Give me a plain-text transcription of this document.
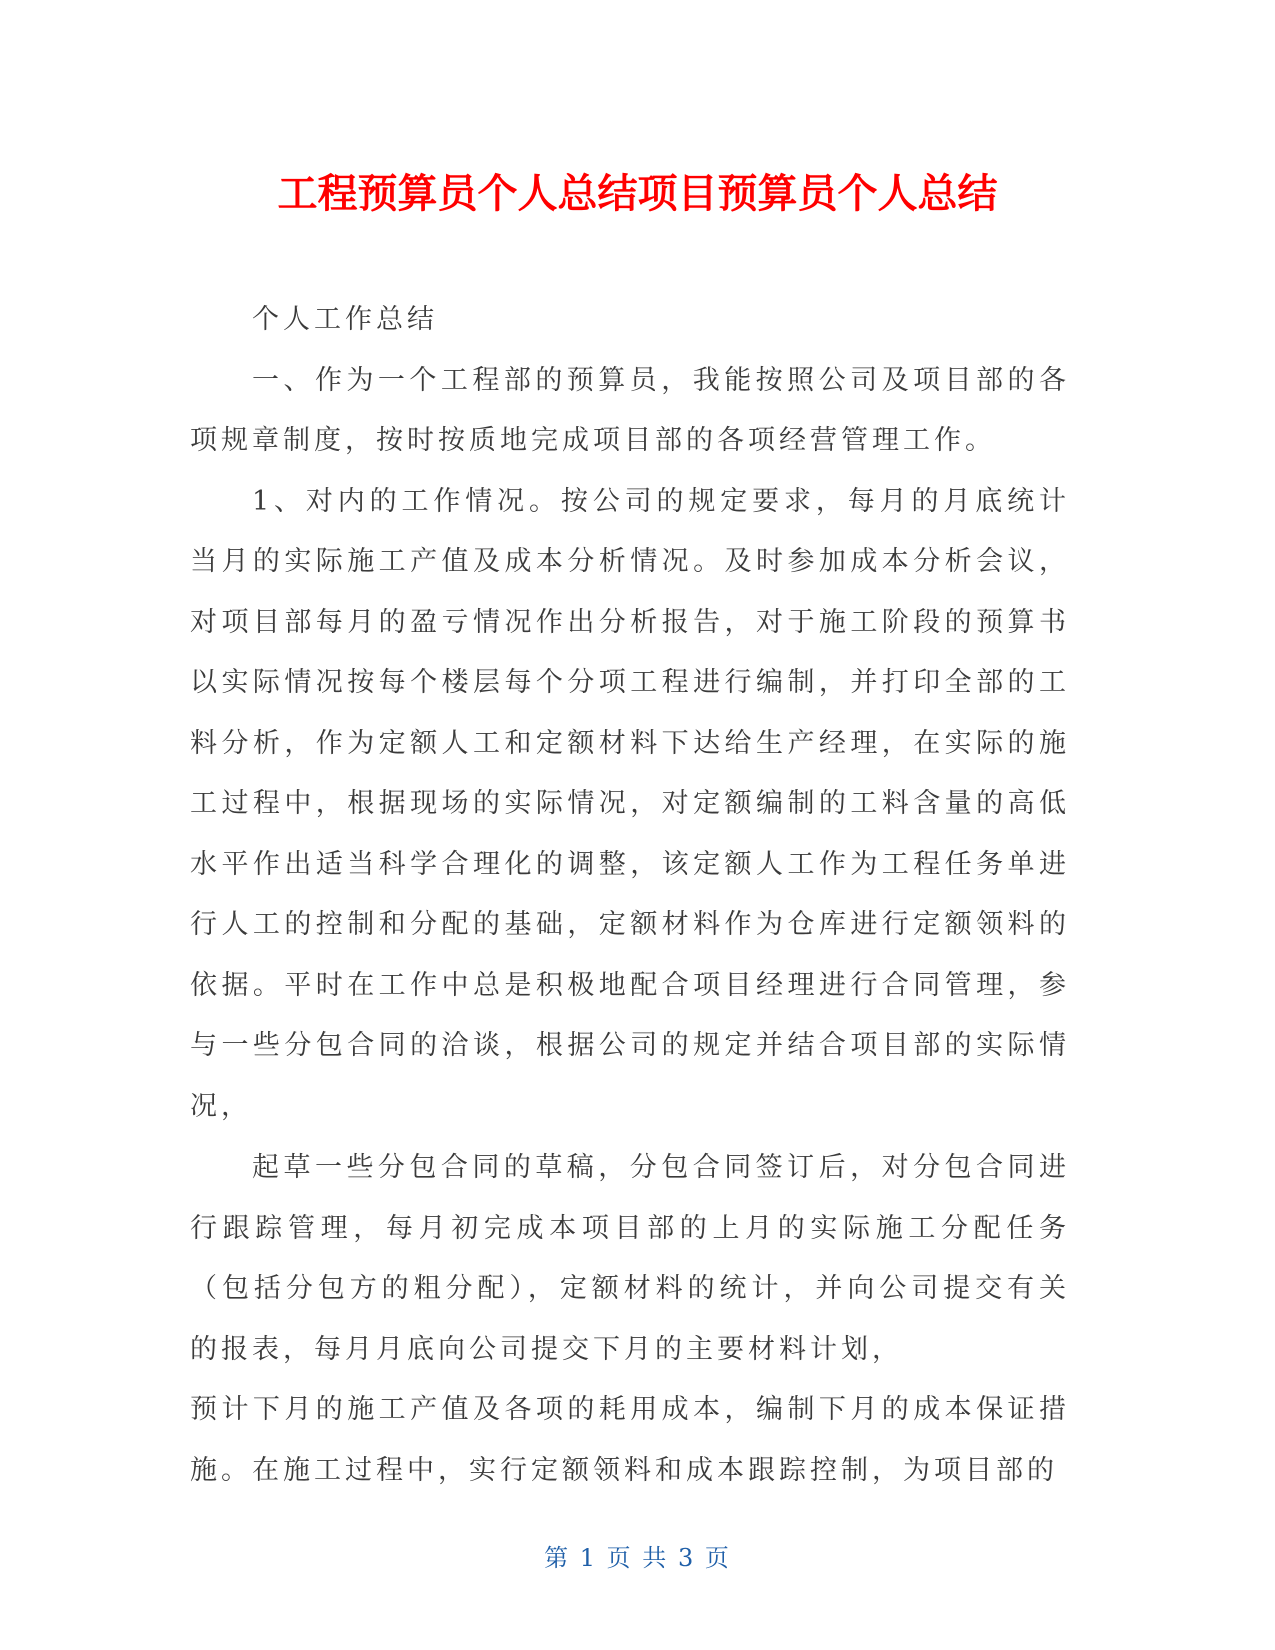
工程预算员个人总结项目预算员个人总结

个人工作总结

一、作为一个工程部的预算员，我能按照公司及项目部的各项规章制度，按时按质地完成项目部的各项经营管理工作。

1、对内的工作情况。按公司的规定要求，每月的月底统计当月的实际施工产值及成本分析情况。及时参加成本分析会议，对项目部每月的盈亏情况作出分析报告，对于施工阶段的预算书以实际情况按每个楼层每个分项工程进行编制，并打印全部的工料分析，作为定额人工和定额材料下达给生产经理，在实际的施工过程中，根据现场的实际情况，对定额编制的工料含量的高低水平作出适当科学合理化的调整，该定额人工作为工程任务单进行人工的控制和分配的基础，定额材料作为仓库进行定额领料的依据。平时在工作中总是积极地配合项目经理进行合同管理，参与一些分包合同的洽谈，根据公司的规定并结合项目部的实际情况，

起草一些分包合同的草稿，分包合同签订后，对分包合同进行跟踪管理，每月初完成本项目部的上月的实际施工分配任务（包括分包方的粗分配），定额材料的统计，并向公司提交有关的报表，每月月底向公司提交下月的主要材料计划，

预计下月的施工产值及各项的耗用成本，编制下月的成本保证措施。在施工过程中，实行定额领料和成本跟踪控制，为项目部的

第 1 页 共 3 页
